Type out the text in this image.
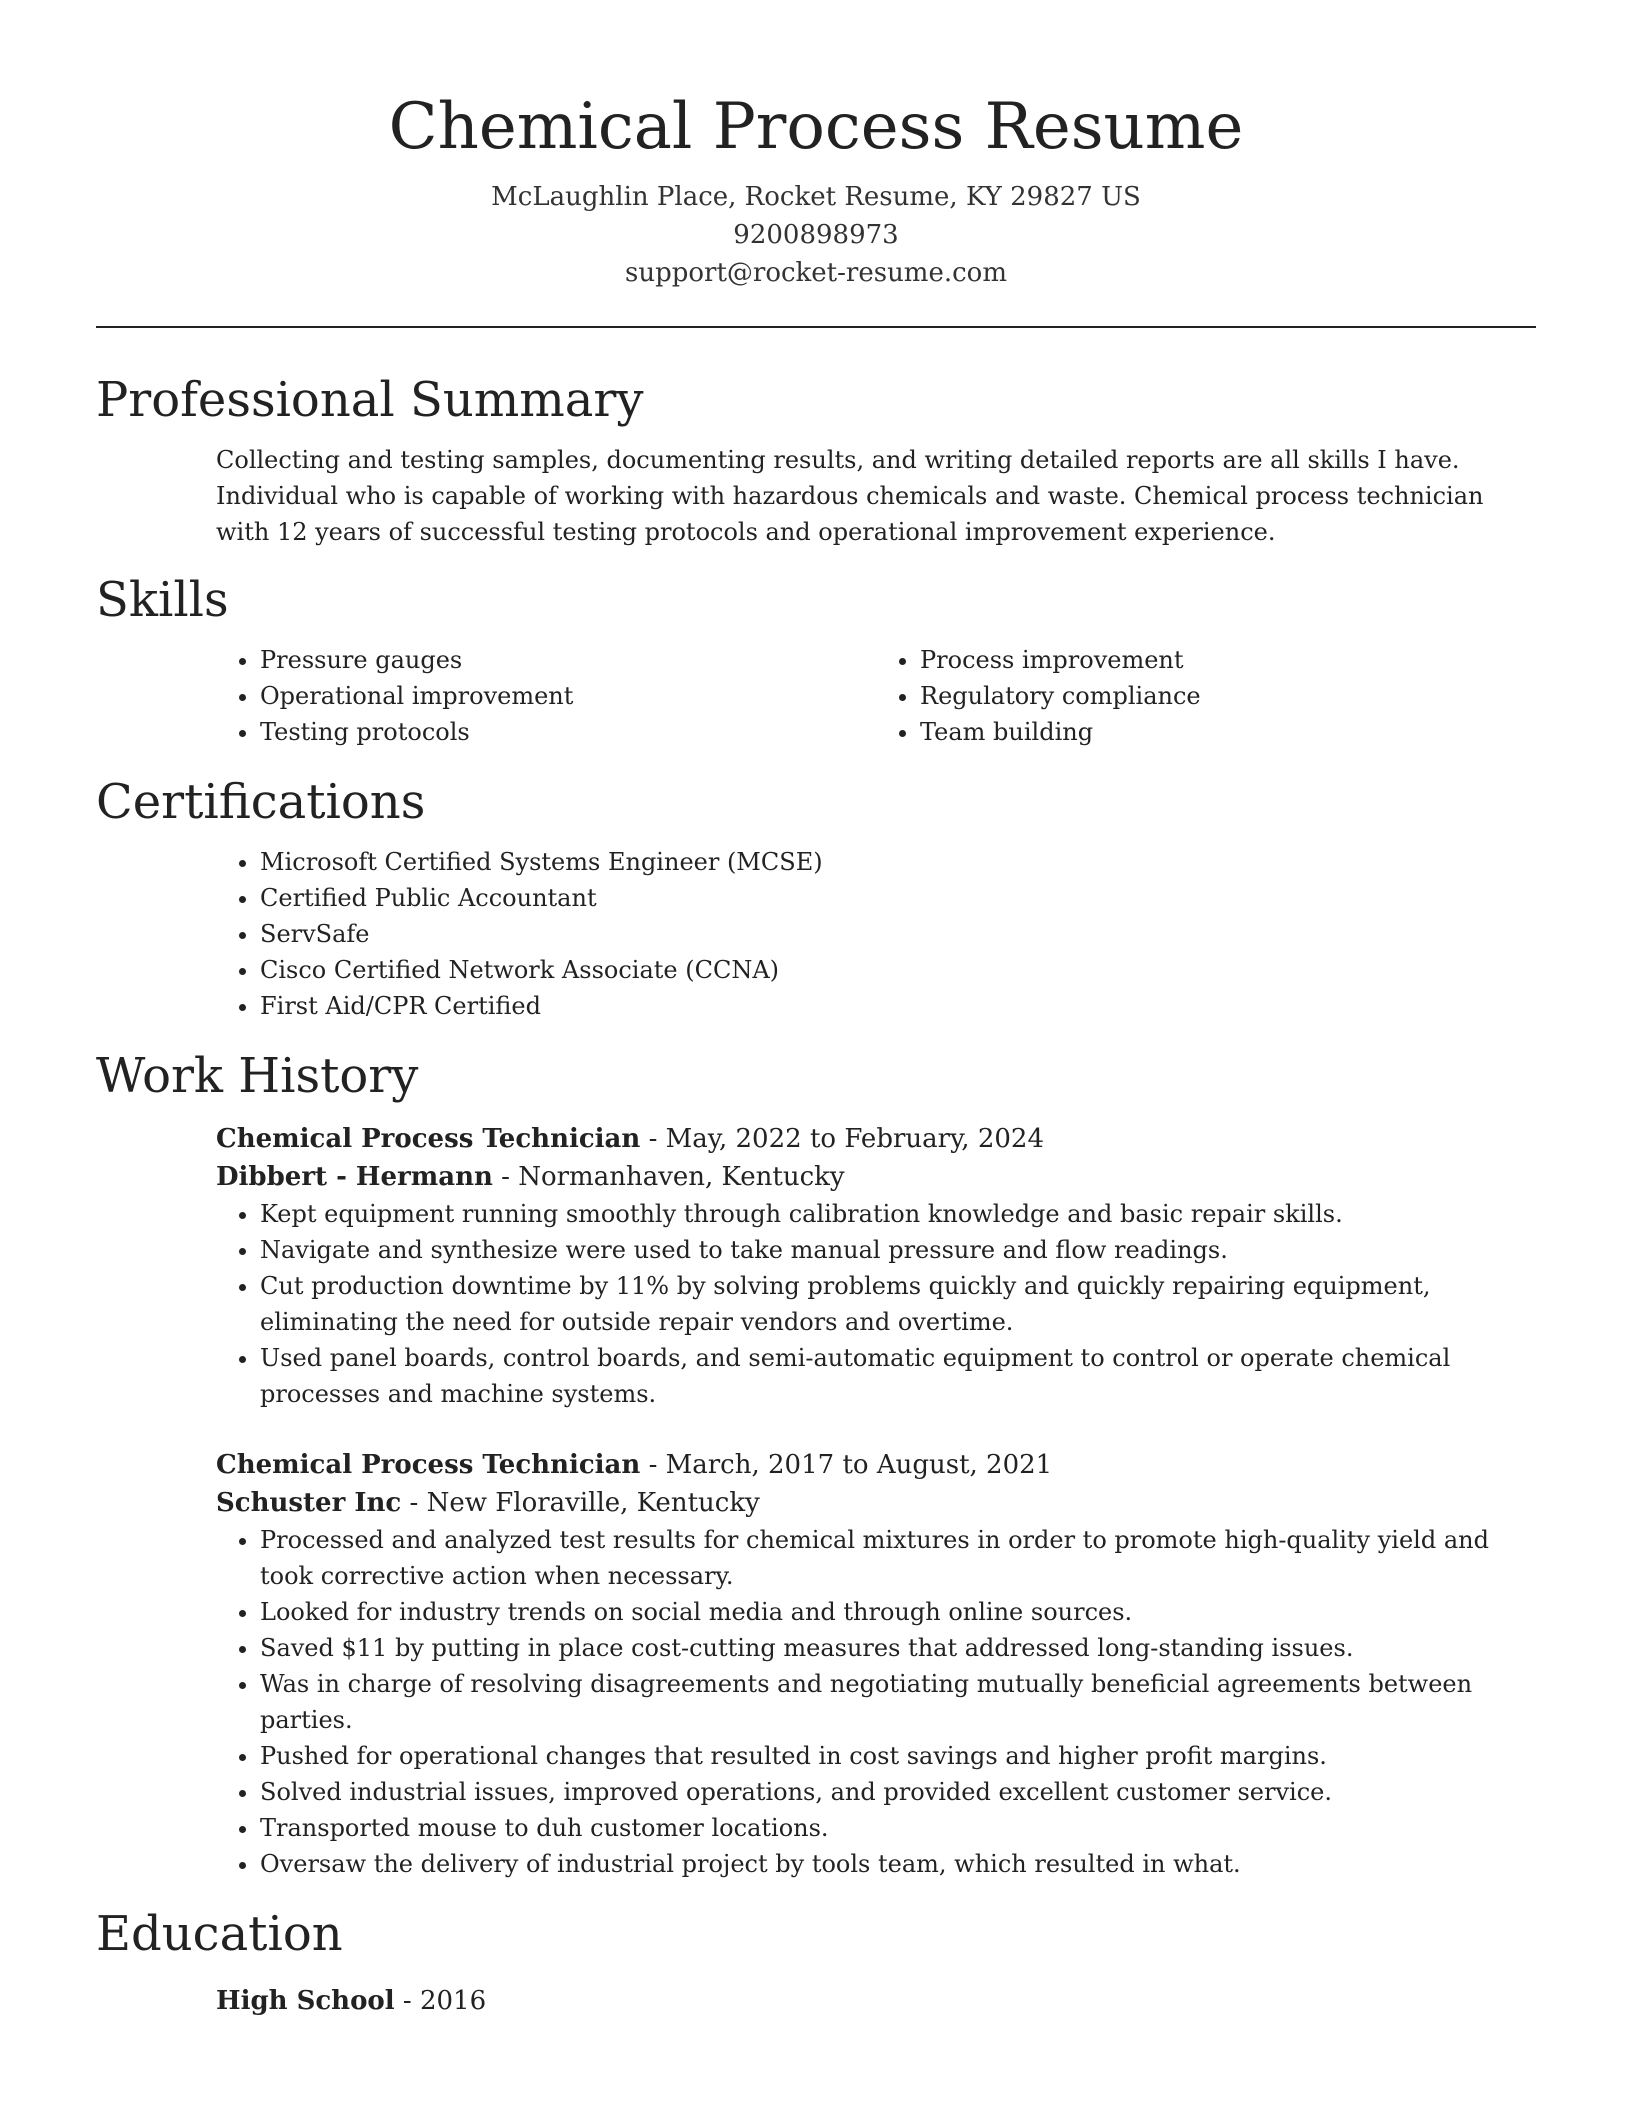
Chemical Process Resume
McLaughlin Place, Rocket Resume, KY 29827 US
9200898973
support@rocket-resume.com
Professional Summary

Collecting and testing samples, documenting results, and writing detailed reports are all skills I have. Individual who is capable of working with hazardous chemicals and waste. Chemical process technician with 12 years of successful testing protocols and operational improvement experience.

Skills
• Pressure gauges
• Operational improvement
• Testing protocols
• Process improvement
• Regulatory compliance
• Team building
Certifications
• Microsoft Certified Systems Engineer (MCSE)
• Certified Public Accountant
• ServSafe
• Cisco Certified Network Associate (CCNA)
• First Aid/CPR Certified
Work History
Chemical Process Technician - May, 2022 to February, 2024
Dibbert - Hermann - Normanhaven, Kentucky
• Kept equipment running smoothly through calibration knowledge and basic repair skills.
• Navigate and synthesize were used to take manual pressure and flow readings.
• Cut production downtime by 11% by solving problems quickly and quickly repairing equipment, eliminating the need for outside repair vendors and overtime.
• Used panel boards, control boards, and semi-automatic equipment to control or operate chemical processes and machine systems.
Chemical Process Technician - March, 2017 to August, 2021
Schuster Inc - New Floraville, Kentucky
• Processed and analyzed test results for chemical mixtures in order to promote high-quality yield and took corrective action when necessary.
• Looked for industry trends on social media and through online sources.
• Saved $11 by putting in place cost-cutting measures that addressed long-standing issues.
• Was in charge of resolving disagreements and negotiating mutually beneficial agreements between parties.
• Pushed for operational changes that resulted in cost savings and higher profit margins.
• Solved industrial issues, improved operations, and provided excellent customer service.
• Transported mouse to duh customer locations.
• Oversaw the delivery of industrial project by tools team, which resulted in what.
Education
High School - 2016
